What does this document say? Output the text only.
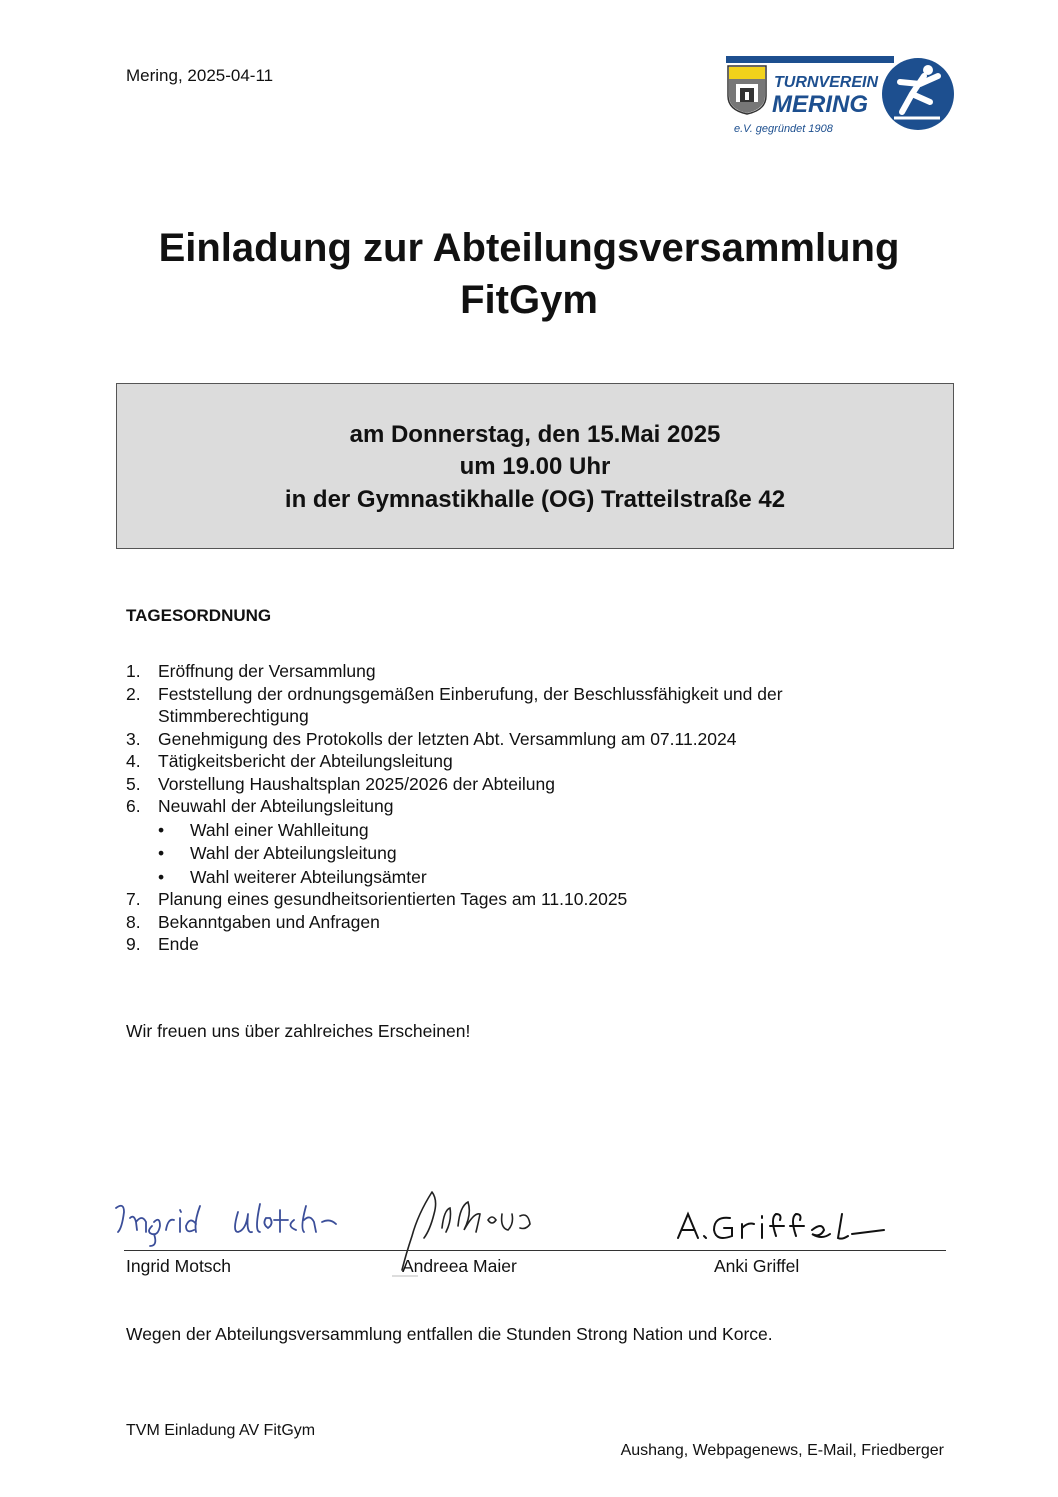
Mering, 2025-04-11	TURNVEREIN
MERING
e.V. gegründet 1908
Einladung zur Abteilungsversammlung
FitGym
am Donnerstag, den 15.Mai 2025
um 19.00 Uhr
in der Gymnastikhalle (OG) Tratteilstraße 42
TAGESORDNUNG
1. Eröffnung der Versammlung
2. Feststellung der ordnungsgemäßen Einberufung, der Beschlussfähigkeit und der Stimmberechtigung
3. Genehmigung des Protokolls der letzten Abt. Versammlung am 07.11.2024
4. Tätigkeitsbericht der Abteilungsleitung
5. Vorstellung Haushaltsplan 2025/2026 der Abteilung
6. Neuwahl der Abteilungsleitung
• Wahl einer Wahlleitung
• Wahl der Abteilungsleitung
• Wahl weiterer Abteilungsämter
7. Planung eines gesundheitsorientierten Tages am 11.10.2025
8. Bekanntgaben und Anfragen
9. Ende
Wir freuen uns über zahlreiches Erscheinen!
Ingrid Motsch	Andreea Maier	Anki Griffel
Wegen der Abteilungsversammlung entfallen die Stunden Strong Nation und Korce.
TVM Einladung AV FitGym
Aushang, Webpagenews, E-Mail, Friedberger
